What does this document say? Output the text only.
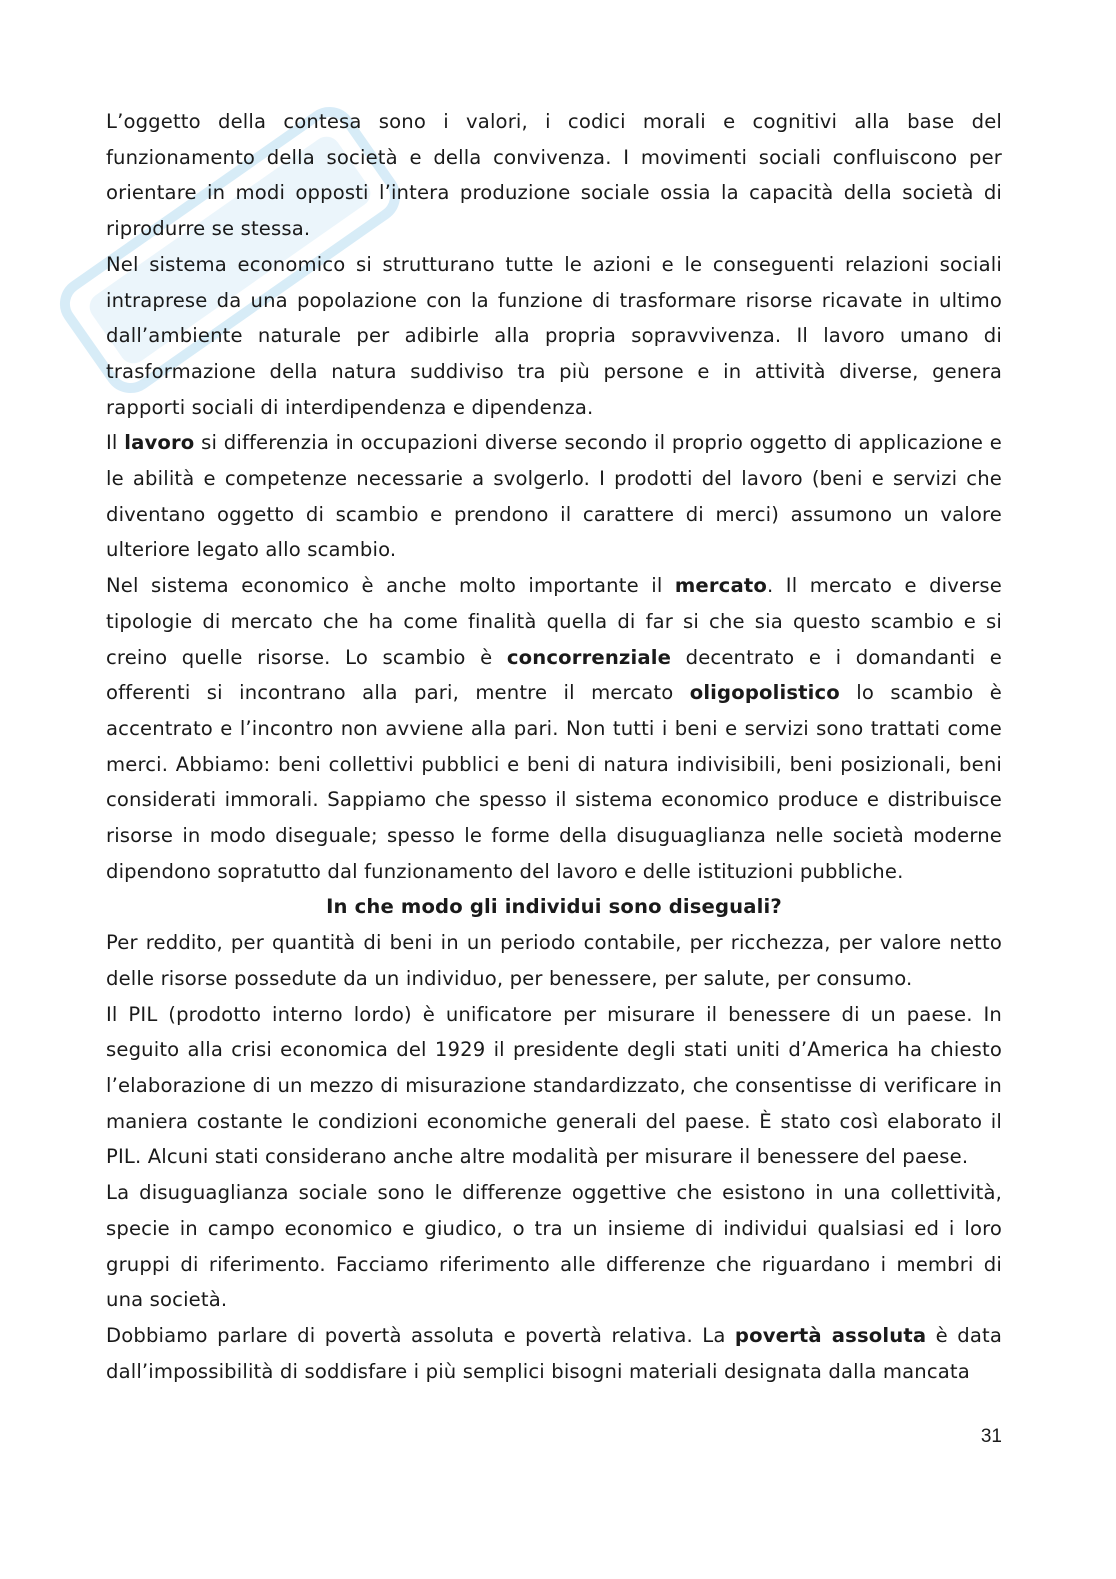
L’oggetto della contesa sono i valori, i codici morali e cognitivi alla base del funzionamento della società e della convivenza. I movimenti sociali confluiscono per orientare in modi opposti l’intera produzione sociale ossia la capacità della società di riprodurre se stessa.

Nel sistema economico si strutturano tutte le azioni e le conseguenti relazioni sociali intraprese da una popolazione con la funzione di trasformare risorse ricavate in ultimo dall’ambiente naturale per adibirle alla propria sopravvivenza. Il lavoro umano di trasformazione della natura suddiviso tra più persone e in attività diverse, genera rapporti sociali di interdipendenza e dipendenza.

Il lavoro si differenzia in occupazioni diverse secondo il proprio oggetto di applicazione e le abilità e competenze necessarie a svolgerlo. I prodotti del lavoro (beni e servizi che diventano oggetto di scambio e prendono il carattere di merci) assumono un valore ulteriore legato allo scambio.

Nel sistema economico è anche molto importante il mercato. Il mercato e diverse tipologie di mercato che ha come finalità quella di far si che sia questo scambio e si creino quelle risorse. Lo scambio è concorrenziale decentrato e i domandanti e offerenti si incontrano alla pari, mentre il mercato oligopolistico lo scambio è accentrato e l’incontro non avviene alla pari. Non tutti i beni e servizi sono trattati come merci. Abbiamo: beni collettivi pubblici e beni di natura indivisibili, beni posizionali, beni considerati immorali. Sappiamo che spesso il sistema economico produce e distribuisce risorse in modo diseguale; spesso le forme della disuguaglianza nelle società moderne dipendono sopratutto dal funzionamento del lavoro e delle istituzioni pubbliche.

In che modo gli individui sono diseguali?

Per reddito, per quantità di beni in un periodo contabile, per ricchezza, per valore netto delle risorse possedute da un individuo, per benessere, per salute, per consumo.

Il PIL (prodotto interno lordo) è unificatore per misurare il benessere di un paese. In seguito alla crisi economica del 1929 il presidente degli stati uniti d’America ha chiesto l’elaborazione di un mezzo di misurazione standardizzato, che consentisse di verificare in maniera costante le condizioni economiche generali del paese. È stato così elaborato il PIL. Alcuni stati considerano anche altre modalità per misurare il benessere del paese.

La disuguaglianza sociale sono le differenze oggettive che esistono in una collettività, specie in campo economico e giudico, o tra un insieme di individui qualsiasi ed i loro gruppi di riferimento. Facciamo riferimento alle differenze che riguardano i membri di una società.

Dobbiamo parlare di povertà assoluta e povertà relativa. La povertà assoluta è data dall’impossibilità di soddisfare i più semplici bisogni materiali designata dalla mancata

31
